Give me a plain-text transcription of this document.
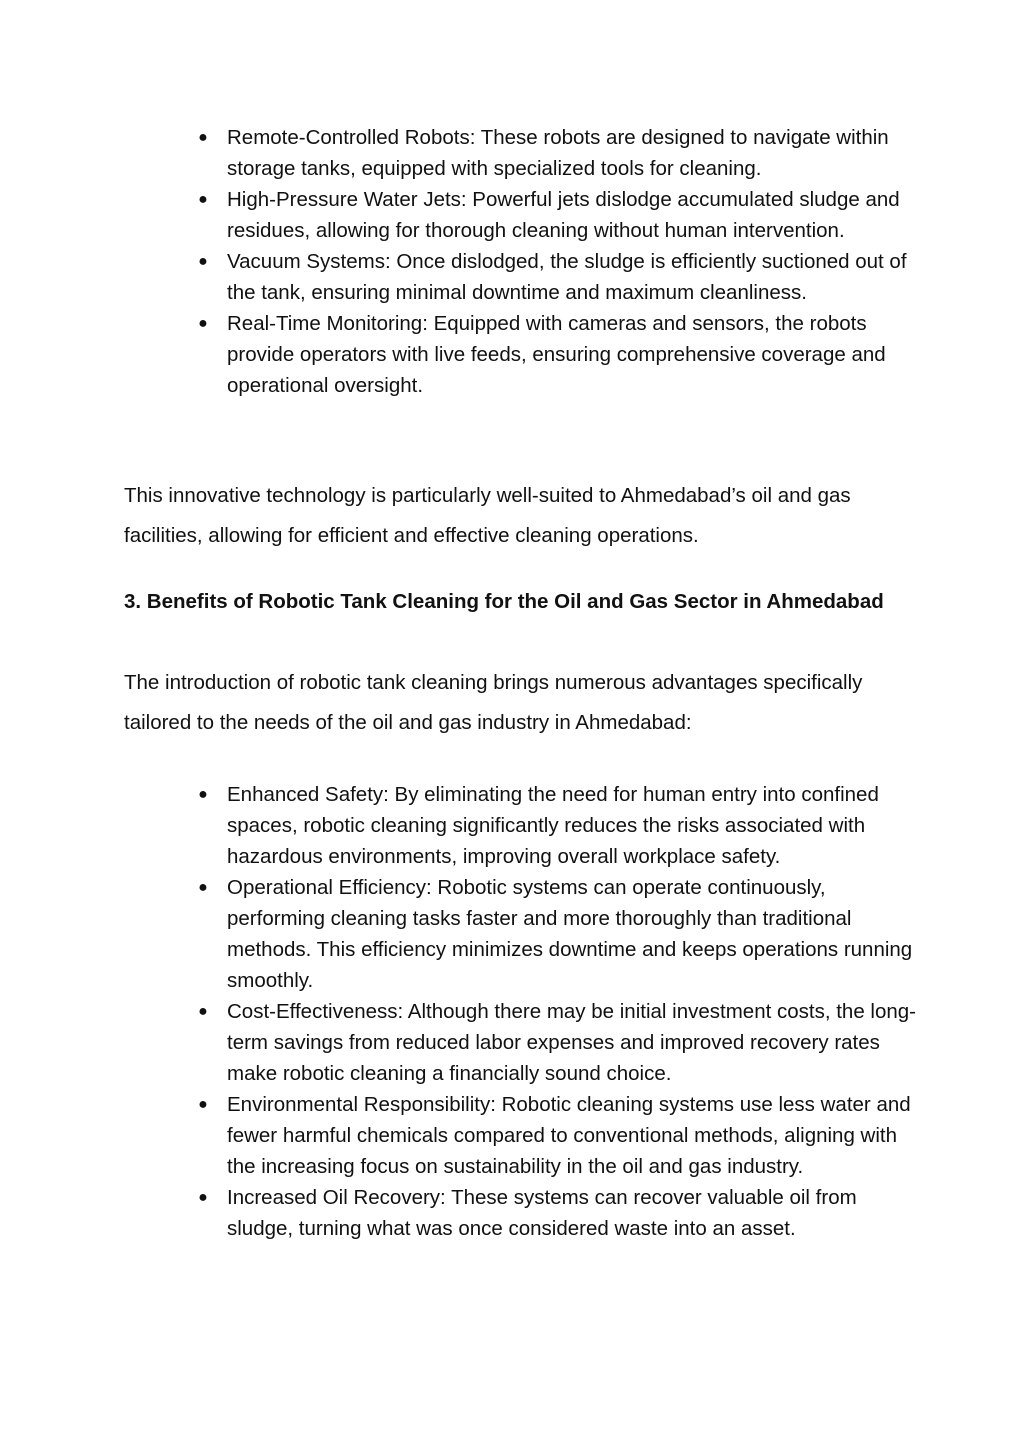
● Remote-Controlled Robots: These robots are designed to navigate within storage tanks, equipped with specialized tools for cleaning.
● High-Pressure Water Jets: Powerful jets dislodge accumulated sludge and residues, allowing for thorough cleaning without human intervention.
● Vacuum Systems: Once dislodged, the sludge is efficiently suctioned out of the tank, ensuring minimal downtime and maximum cleanliness.
● Real-Time Monitoring: Equipped with cameras and sensors, the robots provide operators with live feeds, ensuring comprehensive coverage and operational oversight.

This innovative technology is particularly well-suited to Ahmedabad’s oil and gas facilities, allowing for efficient and effective cleaning operations.

3. Benefits of Robotic Tank Cleaning for the Oil and Gas Sector in Ahmedabad

The introduction of robotic tank cleaning brings numerous advantages specifically tailored to the needs of the oil and gas industry in Ahmedabad:

● Enhanced Safety: By eliminating the need for human entry into confined spaces, robotic cleaning significantly reduces the risks associated with hazardous environments, improving overall workplace safety.
● Operational Efficiency: Robotic systems can operate continuously, performing cleaning tasks faster and more thoroughly than traditional methods. This efficiency minimizes downtime and keeps operations running smoothly.
● Cost-Effectiveness: Although there may be initial investment costs, the long-term savings from reduced labor expenses and improved recovery rates make robotic cleaning a financially sound choice.
● Environmental Responsibility: Robotic cleaning systems use less water and fewer harmful chemicals compared to conventional methods, aligning with the increasing focus on sustainability in the oil and gas industry.
● Increased Oil Recovery: These systems can recover valuable oil from sludge, turning what was once considered waste into an asset.
